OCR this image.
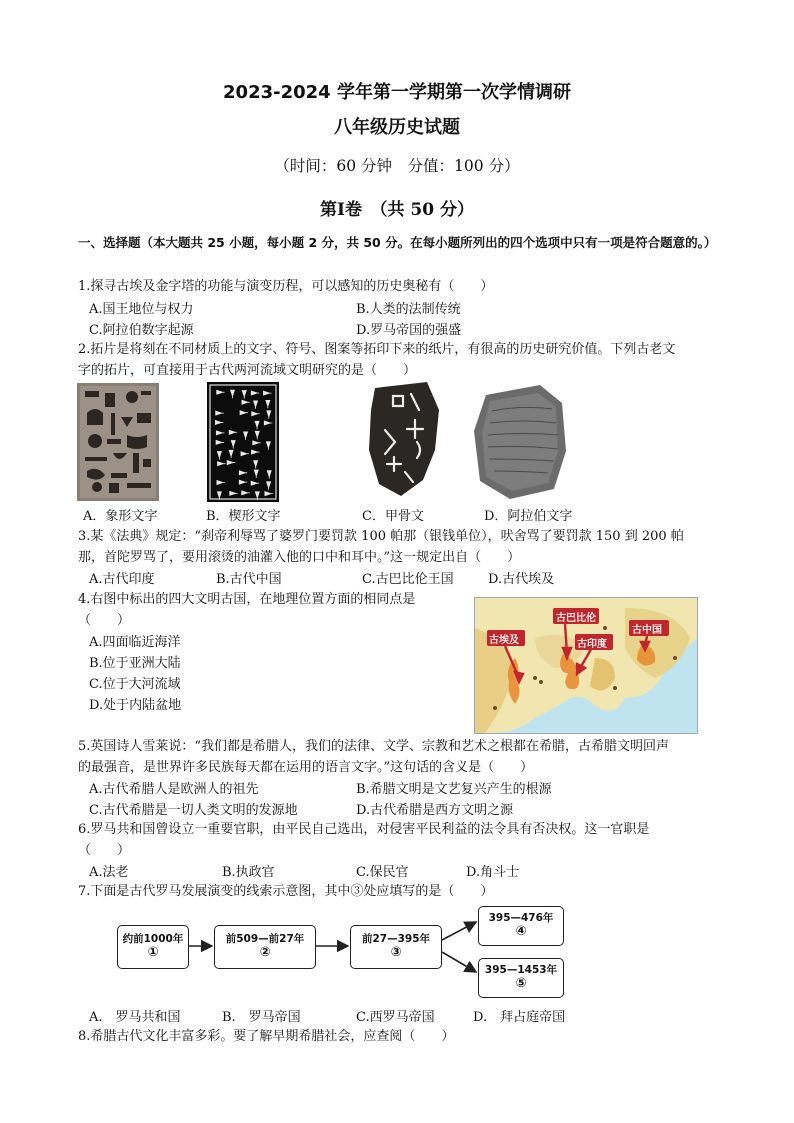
2023-2024 学年第一学期第一次学情调研
八年级历史试题
（时间：60 分钟　分值：100 分）
第Ⅰ卷　（共 50 分）
一、选择题（本大题共 25 小题，每小题 2 分，共 50 分。在每小题所列出的四个选项中只有一项是符合题意的。）
1.探寻古埃及金字塔的功能与演变历程，可以感知的历史奥秘有（　　）
A.国王地位与权力	B.人类的法制传统
C.阿拉伯数字起源	D.罗马帝国的强盛
2.拓片是将刻在不同材质上的文字、符号、图案等拓印下来的纸片，有很高的历史研究价值。下列古老文
字的拓片，可直接用于古代两河流域文明研究的是（　　）
A．象形文字	B．楔形文字	C．甲骨文	D．阿拉伯文字
3.某《法典》规定：“刹帝利辱骂了婆罗门要罚款 100 帕那（银钱单位），吠舍骂了要罚款 150 到 200 帕
那，首陀罗骂了，要用滚烫的油灌入他的口中和耳中。”这一规定出自（　　）
A.古代印度	B.古代中国	C.古巴比伦王国	D.古代埃及
4.右图中标出的四大文明古国，在地理位置方面的相同点是
（　　）
A.四面临近海洋
B.位于亚洲大陆
C.位于大河流域
D.处于内陆盆地
古埃及
古巴比伦
古印度
古中国
5.英国诗人雪莱说：“我们都是希腊人，我们的法律、文学、宗教和艺术之根都在希腊，古希腊文明回声
的最强音，是世界许多民族每天都在运用的语言文字。”这句话的含义是（　　）
A.古代希腊人是欧洲人的祖先	B.希腊文明是文艺复兴产生的根源
C.古代希腊是一切人类文明的发源地	D.古代希腊是西方文明之源
6.罗马共和国曾设立一重要官职，由平民自己选出，对侵害平民利益的法令具有否决权。这一官职是
（　　）
A.法老	B.执政官	C.保民官	D.角斗士
7.下面是古代罗马发展演变的线索示意图，其中③处应填写的是（　　）
约前1000年
①
前509—前27年
②
前27—395年
③
395—476年
④
395—1453年
⑤
A.　罗马共和国	B.　罗马帝国	C.西罗马帝国	D.　拜占庭帝国
8.希腊古代文化丰富多彩。要了解早期希腊社会，应查阅（　　）
